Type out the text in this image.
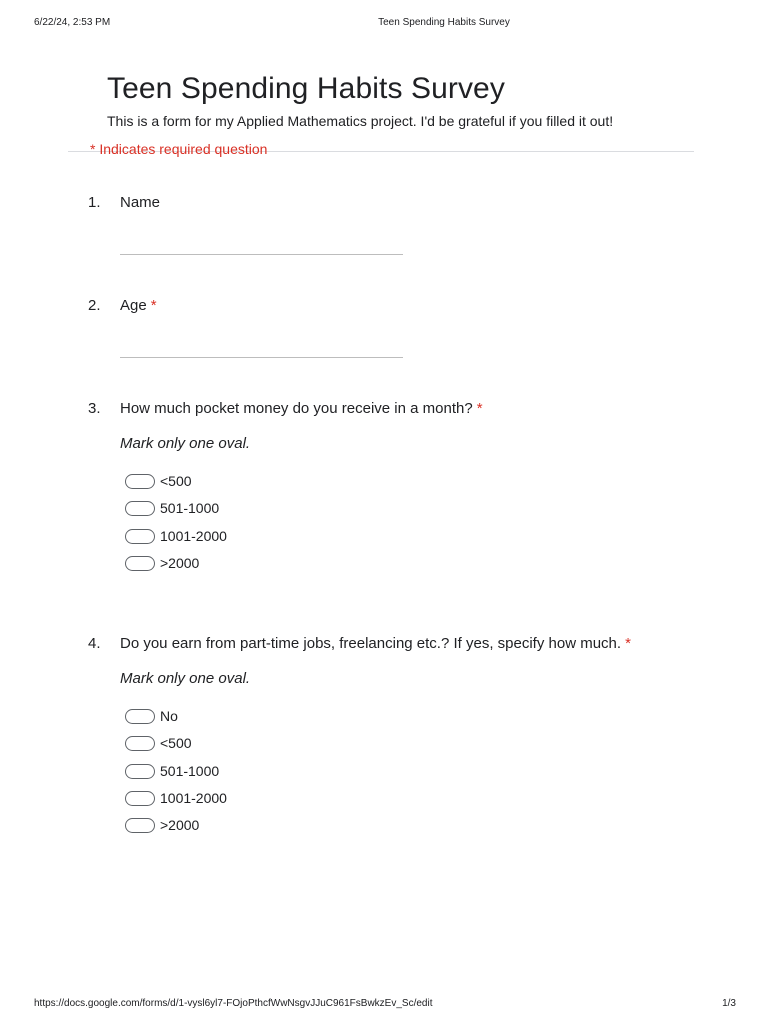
6/22/24, 2:53 PM	Teen Spending Habits Survey
Teen Spending Habits Survey
This is a form for my Applied Mathematics project. I'd be grateful if you filled it out!
* Indicates required question
1. Name
2. Age *
3. How much pocket money do you receive in a month? *
Mark only one oval.
<500
501-1000
1001-2000
>2000
4. Do you earn from part-time jobs, freelancing etc.? If yes, specify how much. *
Mark only one oval.
No
<500
501-1000
1001-2000
>2000
https://docs.google.com/forms/d/1-vysl6yl7-FOjoPthcfWwNsgvJJuC961FsBwkzEv_Sc/edit	1/3
